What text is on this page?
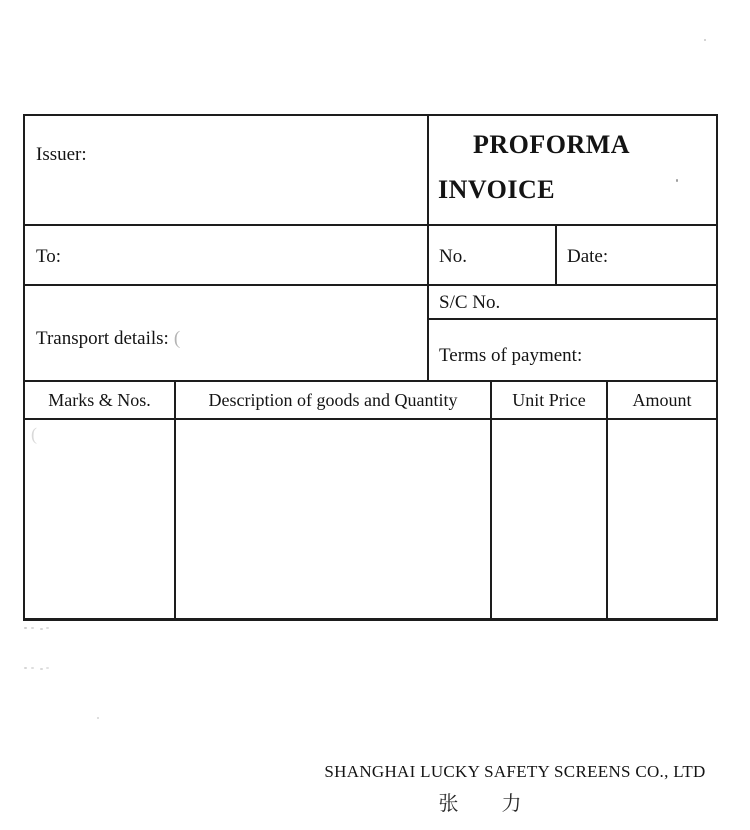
Issuer:	PROFORMA
INVOICE
To:	No.	Date:
Transport details: (
S/C No.
Terms of payment:
Marks & Nos.	Description of goods and Quantity	Unit Price	Amount
(
SHANGHAI LUCKY SAFETY SCREENS CO., LTD
张 力
